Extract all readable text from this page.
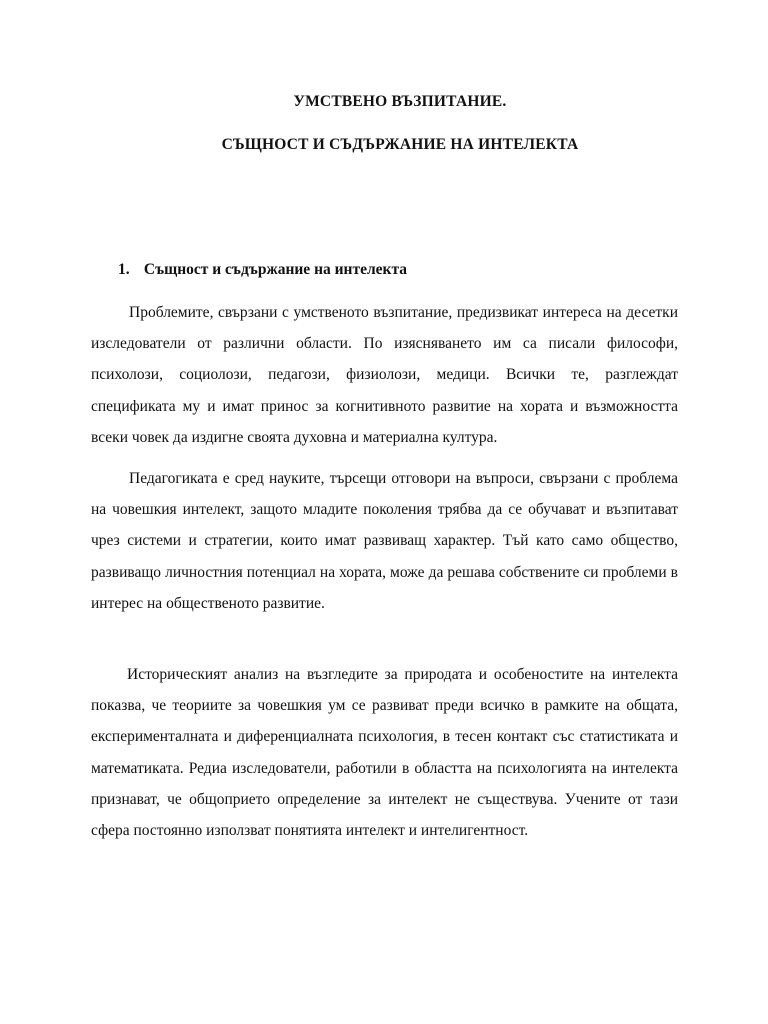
УМСТВЕНО ВЪЗПИТАНИЕ.
СЪЩНОСТ И СЪДЪРЖАНИЕ НА ИНТЕЛЕКТА
1. Същност и съдържание на интелекта

Проблемите, свързани с умственото възпитание, предизвикат интереса на десетки изследователи от различни области. По изясняването им са писали философи, психолози, социолози, педагози, физиолози, медици. Всички те, разглеждат спецификата му и имат принос за когнитивното развитие на хората и възможността всеки човек да издигне своята духовна и материална култура.

Педагогиката е сред науките, търсещи отговори на въпроси, свързани с проблема на човешкия интелект, защото младите поколения трябва да се обучават и възпитават чрез системи и стратегии, които имат развиващ характер. Тъй като само общество, развиващо личностния потенциал на хората, може да решава собствените си проблеми в интерес на общественото развитие.

Историческият анализ на възгледите за природата и особеностите на интелекта показва, че теориите за човешкия ум се развиват преди всичко в рамките на общата, експерименталната и диференциалната психология, в тесен контакт със статистиката и математиката. Редиа изследователи, работили в областта на психологията на интелекта признават, че общоприето определение за интелект не съществува. Учените от тази сфера постоянно използват понятията интелект и интелигентност.
